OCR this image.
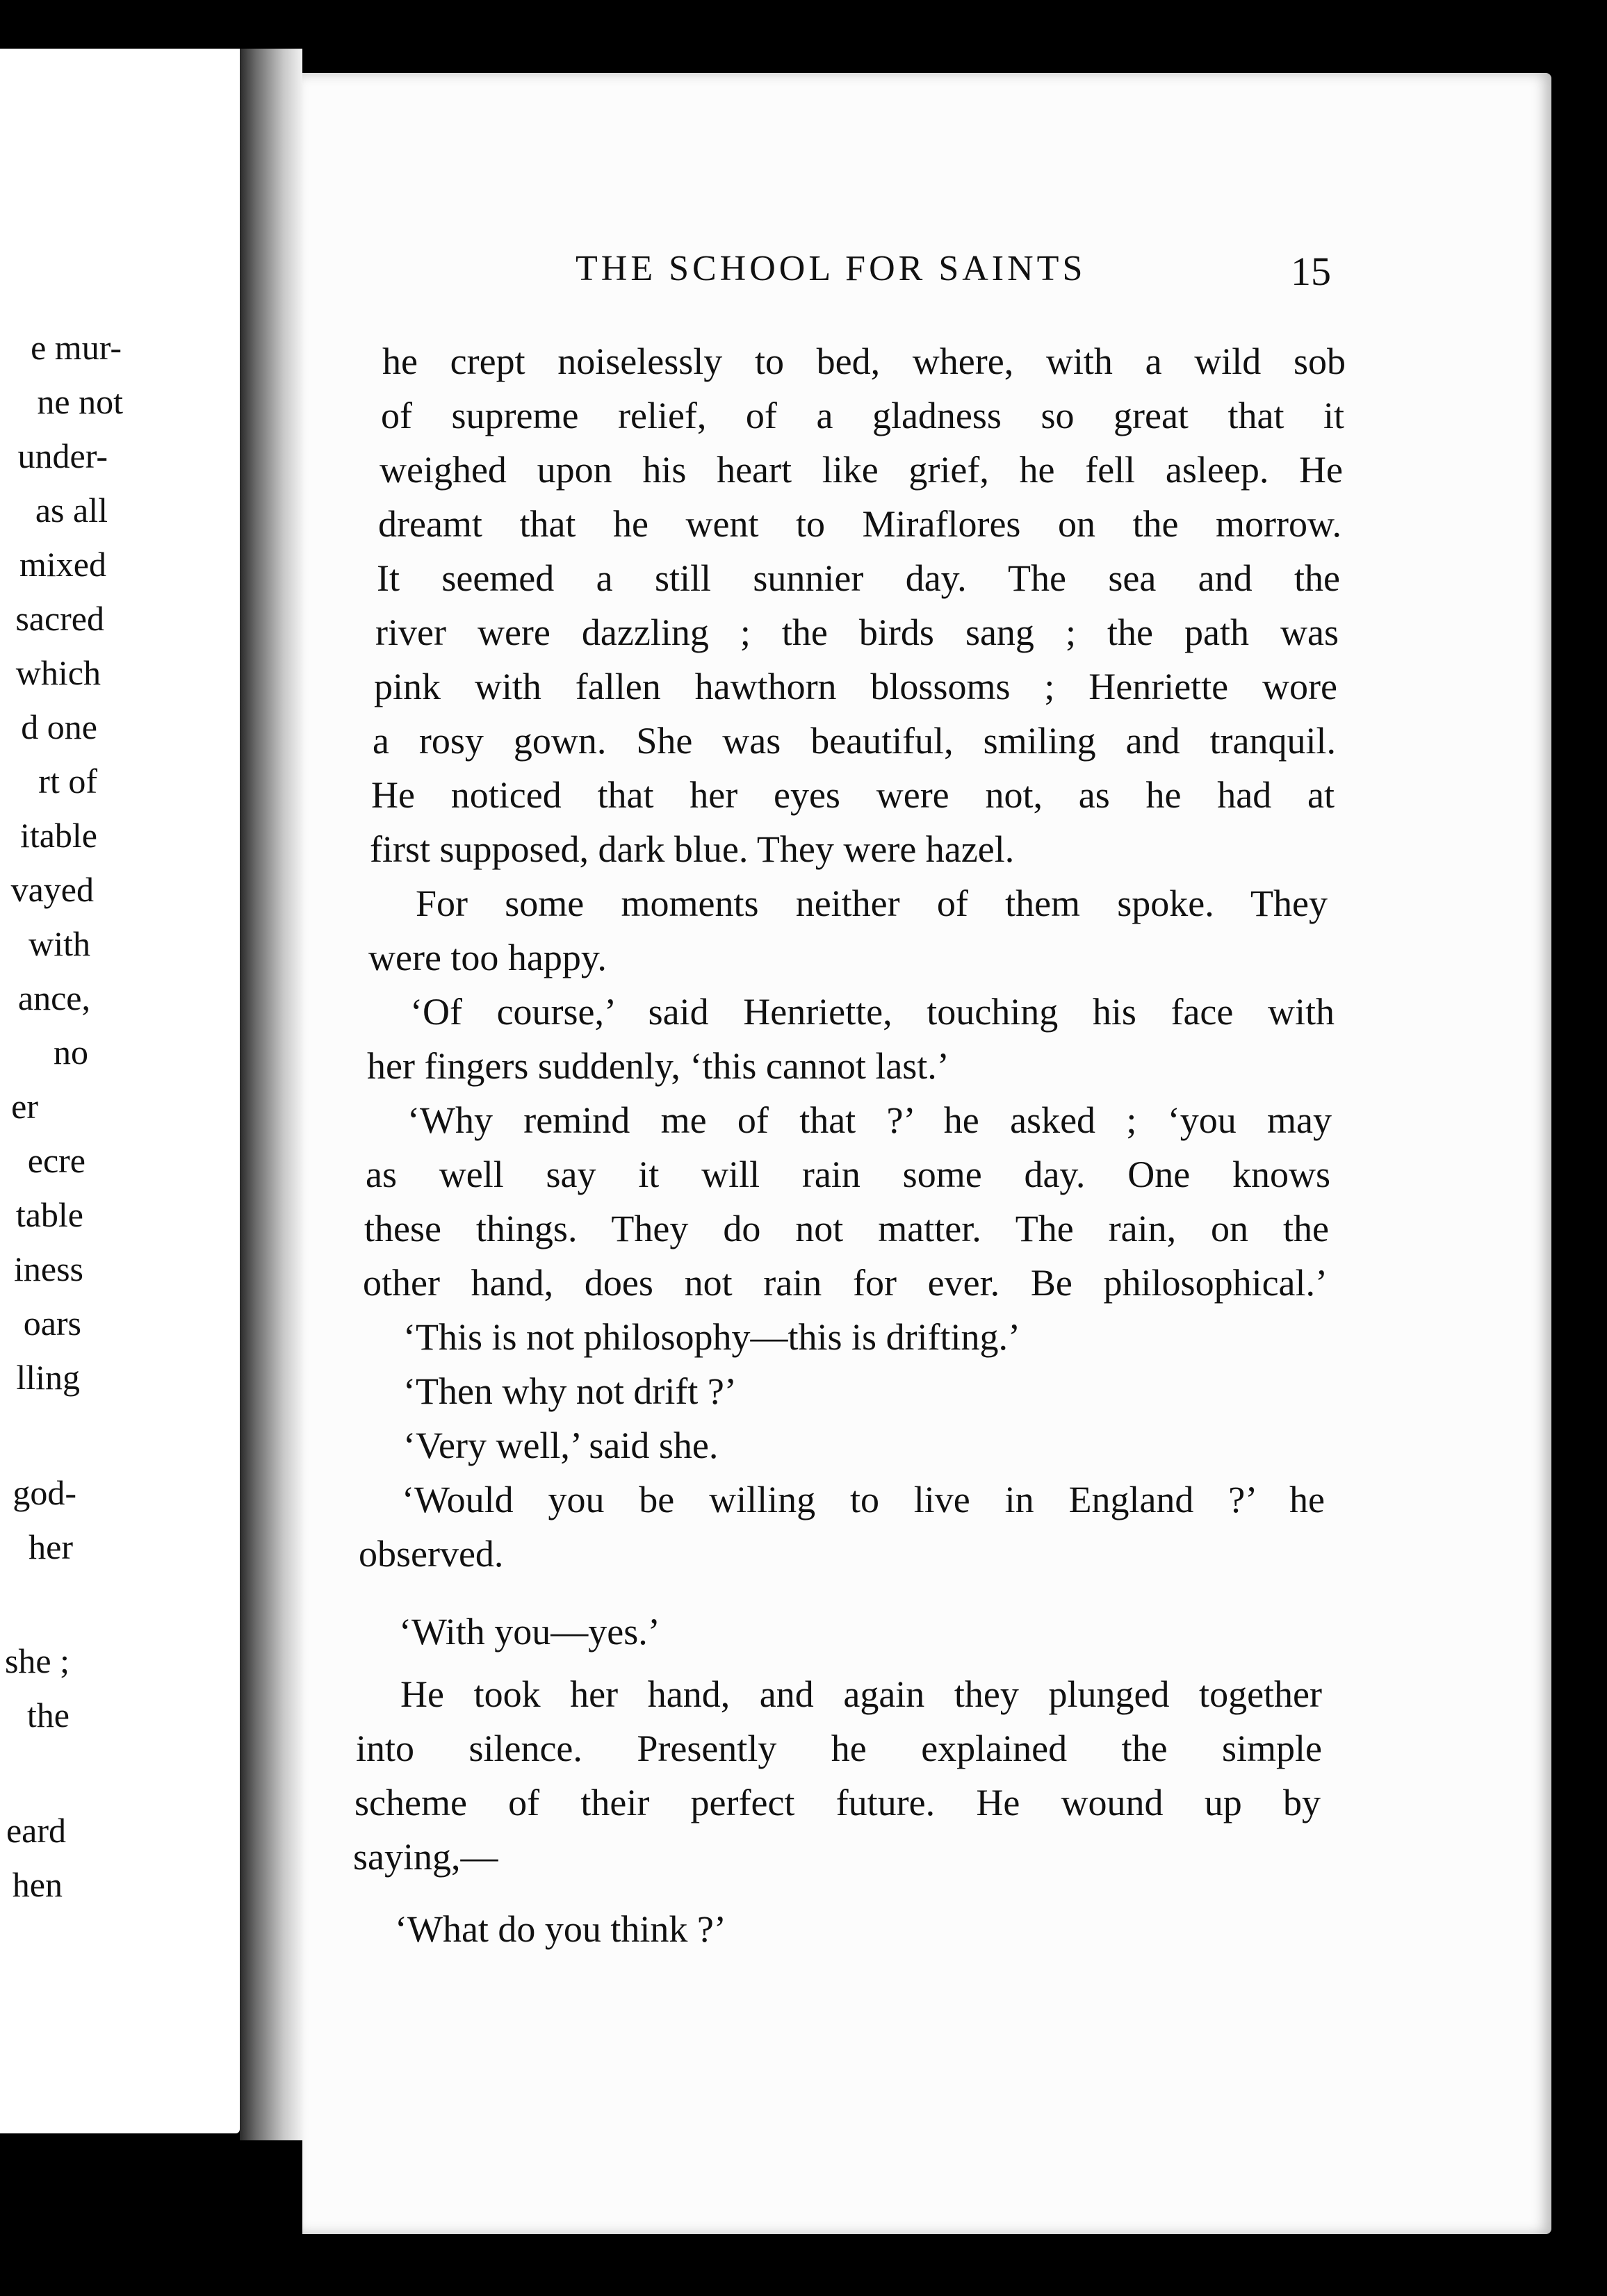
e mur-
ne not
under-
as all
mixed
sacred
which
d one
rt of
itable
vayed
with
ance,
no
er
ecre
table
iness
oars
lling
god-
her
she ;
the
eard
hen
THE SCHOOL FOR SAINTS	15
he crept noiselessly to bed, where, with a wild sob
of supreme relief, of a gladness so great that it
weighed upon his heart like grief, he fell asleep. He
dreamt that he went to Miraflores on the morrow.
It seemed a still sunnier day. The sea and the
river were dazzling ; the birds sang ; the path was
pink with fallen hawthorn blossoms ; Henriette wore
a rosy gown. She was beautiful, smiling and tranquil.
He noticed that her eyes were not, as he had at
first supposed, dark blue. They were hazel.
For some moments neither of them spoke. They
were too happy.
‘Of course,’ said Henriette, touching his face with
her fingers suddenly, ‘this cannot last.’
‘Why remind me of that ?’ he asked ; ‘you may
as well say it will rain some day. One knows
these things. They do not matter. The rain, on the
other hand, does not rain for ever. Be philosophical.’
‘This is not philosophy—this is drifting.’
‘Then why not drift ?’
‘Very well,’ said she.
‘Would you be willing to live in England ?’ he
observed.
‘With you—yes.’
He took her hand, and again they plunged together
into silence. Presently he explained the simple
scheme of their perfect future. He wound up by
saying,—
‘What do you think ?’
